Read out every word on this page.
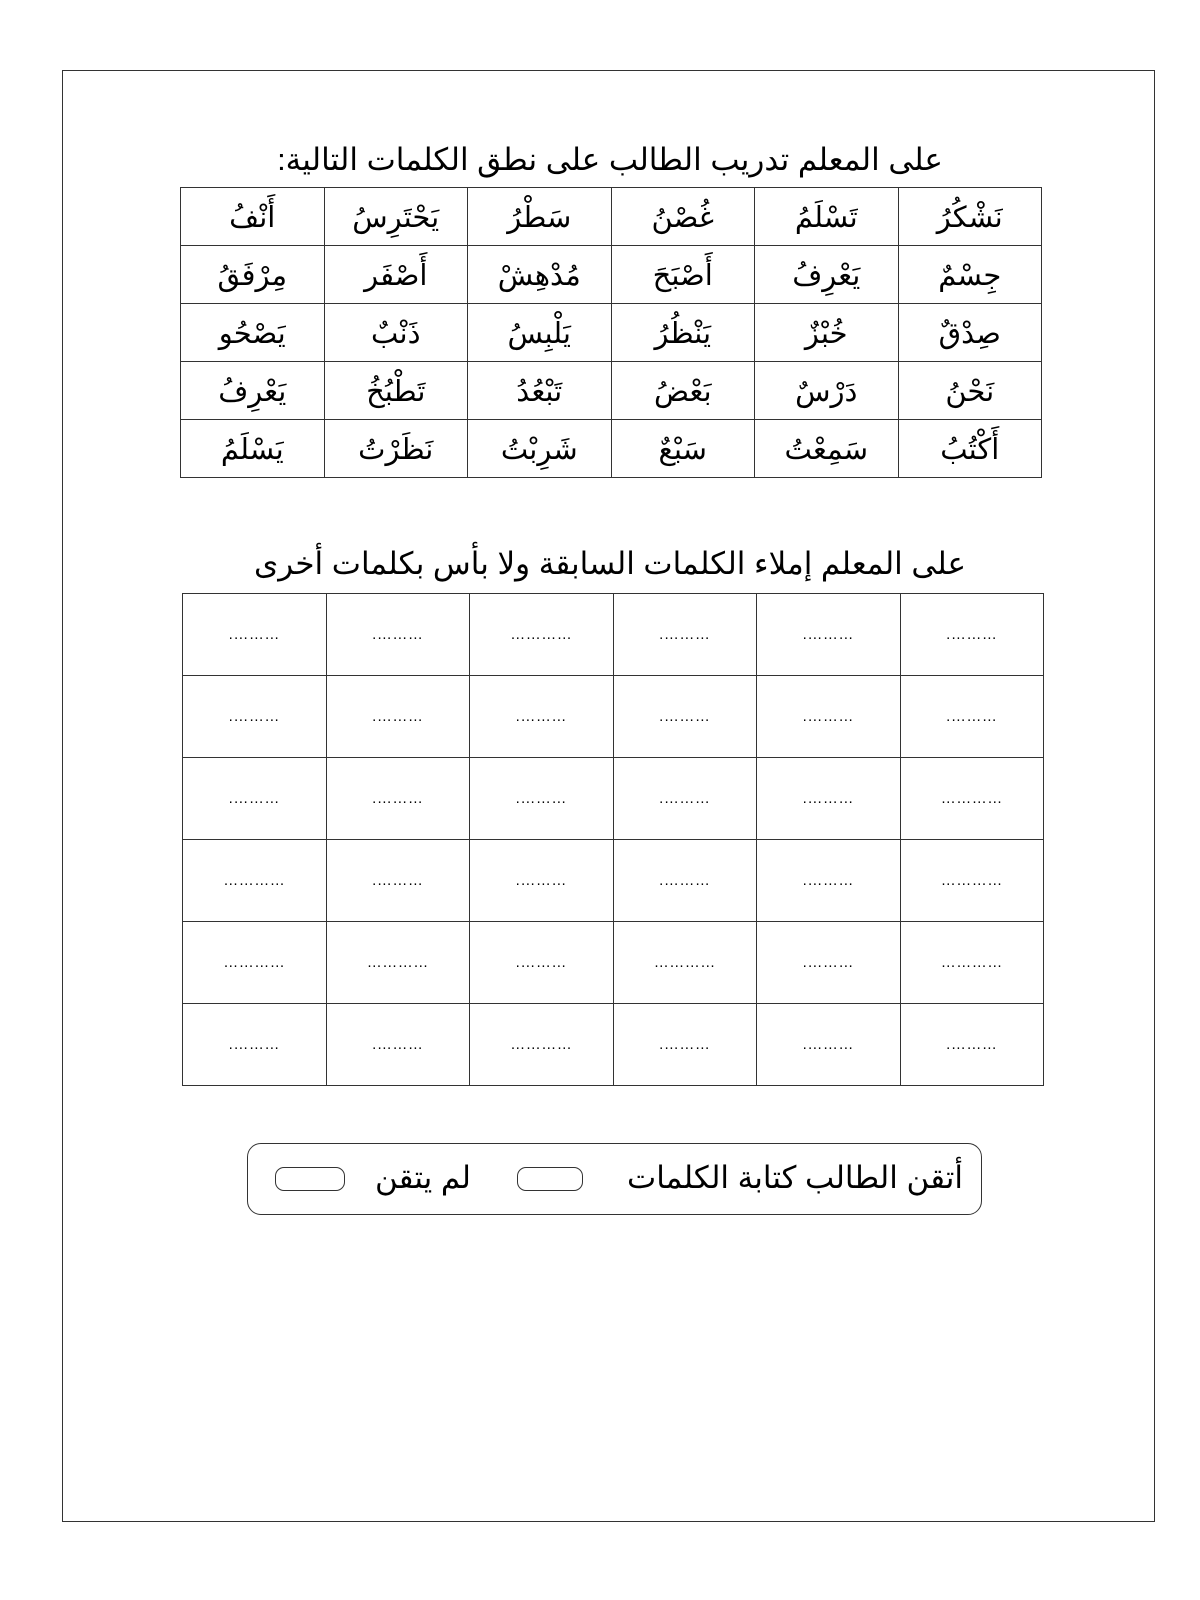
على المعلم تدريب الطالب على نطق الكلمات التالية:
نَشْكُرُ	تَسْلَمُ	غُصْنُ	سَطْرُ	يَحْتَرِسُ	أَنْفُ
جِسْمٌ	يَعْرِفُ	أَصْبَحَ	مُدْهِشْ	أَصْفَر	مِرْفَقُ
صِدْقٌ	خُبْزٌ	يَنْظُرُ	يَلْبِسُ	ذَنْبٌ	يَصْحُو
نَحْنُ	دَرْسٌ	بَعْضُ	تَبْعُدُ	تَطْبُخُ	يَعْرِفُ
أَكْتُبُ	سَمِعْتُ	سَبْعٌ	شَرِبْتُ	نَظَرْتُ	يَسْلَمُ
على المعلم إملاء الكلمات السابقة ولا بأس بكلمات أخرى
……….	……….	……….	…………	……….	……….
……….	……….	……….	……….	……….	……….
…………	……….	……….	……….	……….	……….
…………	……….	……….	……….	……….	…………
…………	……….	…………	……….	…………	…………
……….	……….	……….	…………	……….	……….
أتقن الطالب كتابة الكلمات
لم يتقن
